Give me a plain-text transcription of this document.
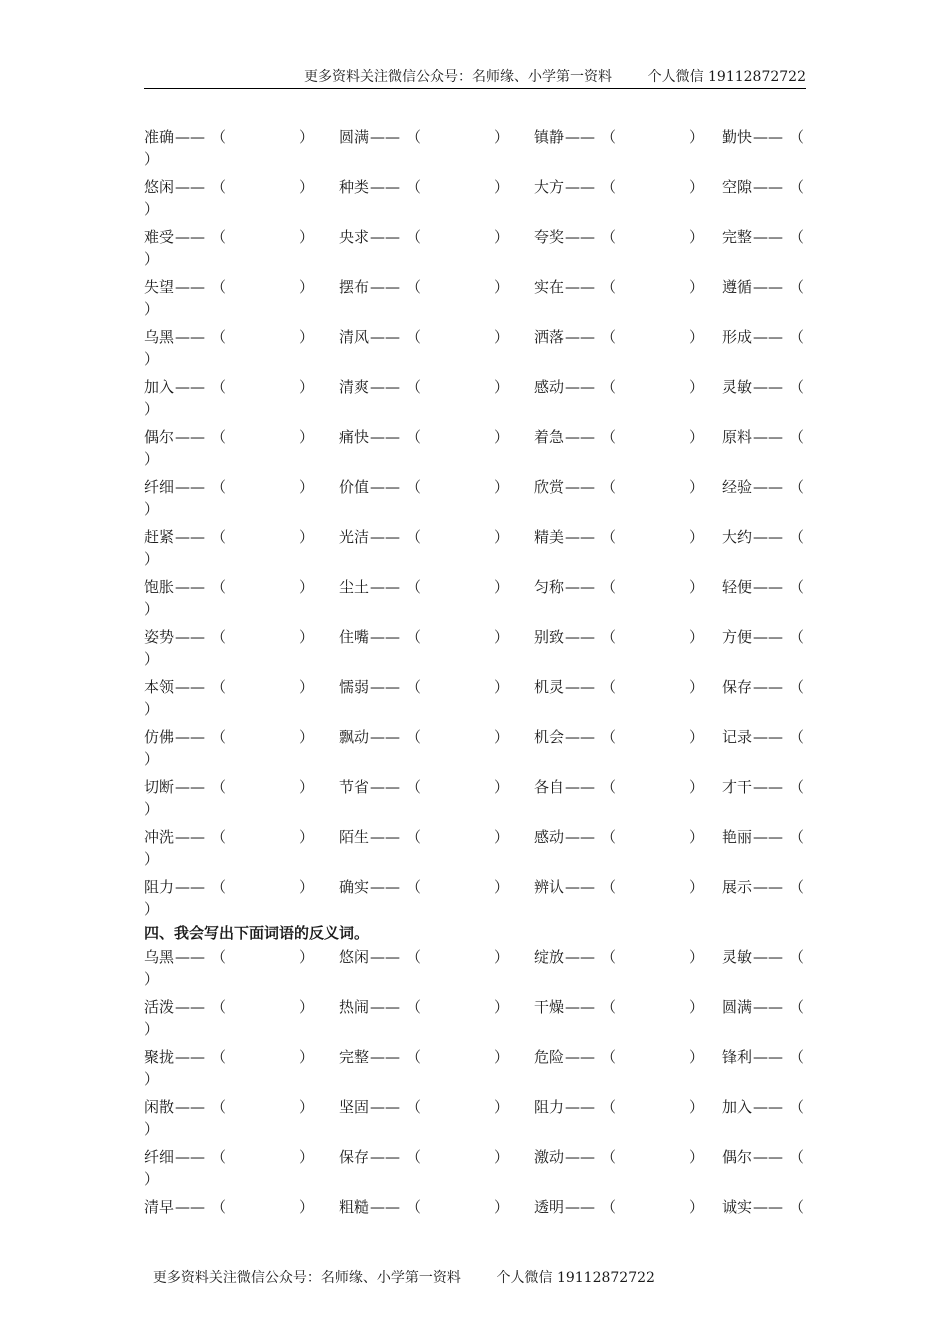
更多资料关注微信公众号：名师缘、小学第一资料        个人微信 19112872722
准确—— （	） 圆满—— （	） 镇静—— （	） 勤快—— （
）
悠闲—— （	） 种类—— （	） 大方—— （	） 空隙—— （
）
难受—— （	） 央求—— （	） 夸奖—— （	） 完整—— （
）
失望—— （	） 摆布—— （	） 实在—— （	） 遵循—— （
）
乌黑—— （	） 清风—— （	） 洒落—— （	） 形成—— （
）
加入—— （	） 清爽—— （	） 感动—— （	） 灵敏—— （
）
偶尔—— （	） 痛快—— （	） 着急—— （	） 原料—— （
）
纤细—— （	） 价值—— （	） 欣赏—— （	） 经验—— （
）
赶紧—— （	） 光洁—— （	） 精美—— （	） 大约—— （
）
饱胀—— （	） 尘土—— （	） 匀称—— （	） 轻便—— （
）
姿势—— （	） 住嘴—— （	） 别致—— （	） 方便—— （
）
本领—— （	） 懦弱—— （	） 机灵—— （	） 保存—— （
）
仿佛—— （	） 飘动—— （	） 机会—— （	） 记录—— （
）
切断—— （	） 节省—— （	） 各自—— （	） 才干—— （
）
冲洗—— （	） 陌生—— （	） 感动—— （	） 艳丽—— （
）
阻力—— （	） 确实—— （	） 辨认—— （	） 展示—— （
）
四、我会写出下面词语的反义词。
乌黑—— （	） 悠闲—— （	） 绽放—— （	） 灵敏—— （
）
活泼—— （	） 热闹—— （	） 干燥—— （	） 圆满—— （
）
聚拢—— （	） 完整—— （	） 危险—— （	） 锋利—— （
）
闲散—— （	） 坚固—— （	） 阻力—— （	） 加入—— （
）
纤细—— （	） 保存—— （	） 激动—— （	） 偶尔—— （
）
清早—— （	） 粗糙—— （	） 透明—— （	） 诚实—— （

更多资料关注微信公众号：名师缘、小学第一资料        个人微信 19112872722
